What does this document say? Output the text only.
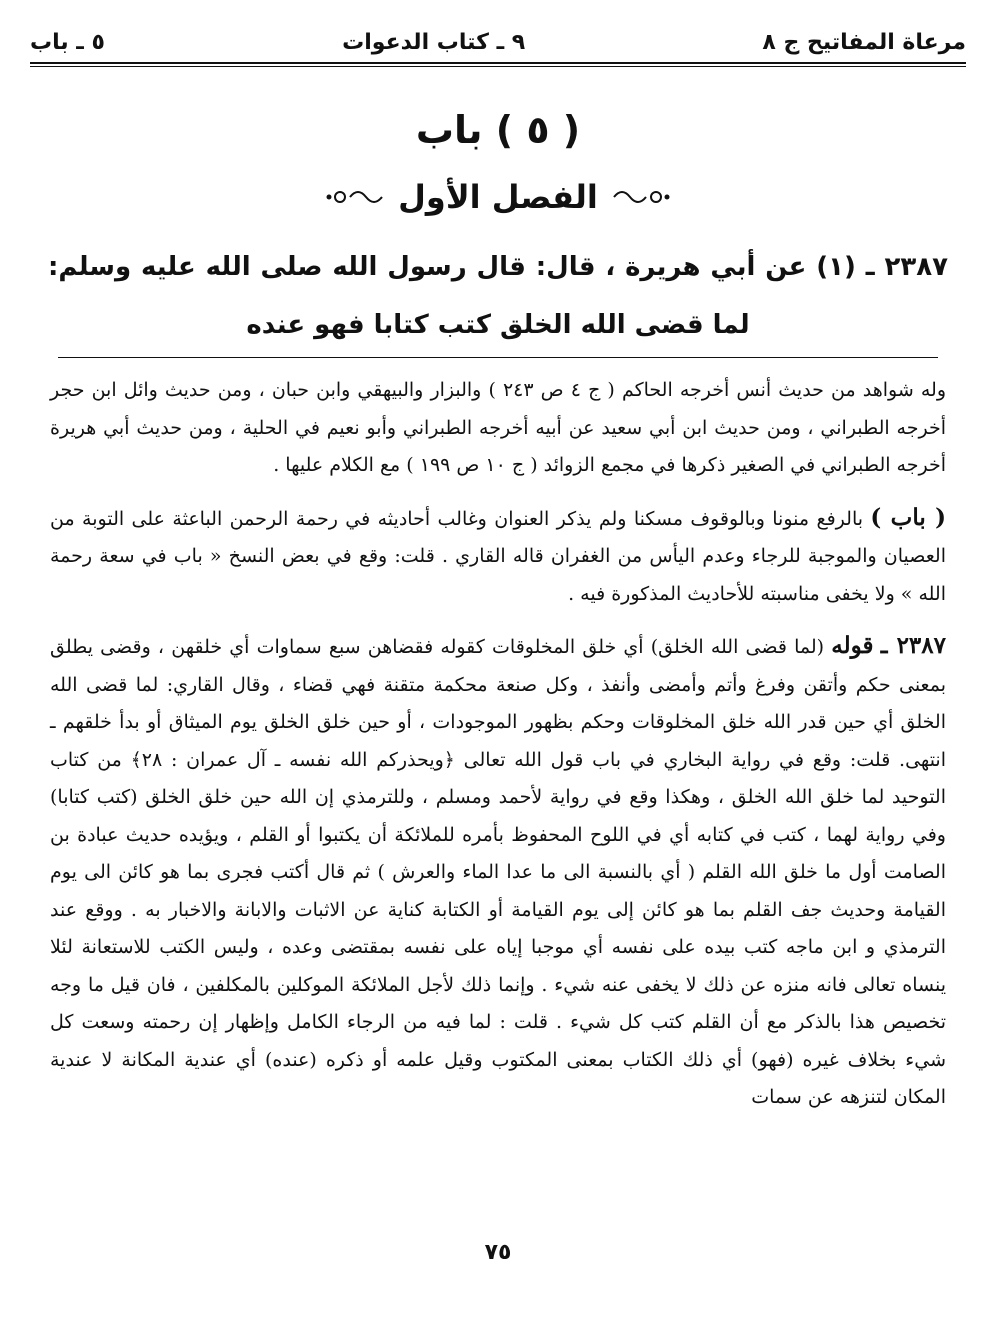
مرعاة المفاتيح ج ٨
٩ ـ كتاب الدعوات
٥ ـ باب
( ٥ ) باب
الفصل الأول
٢٣٨٧ ـ (١) عن أبي هريرة ، قال: قال رسول الله صلى الله عليه وسلم: لما قضى الله الخلق كتب كتابا فهو عنده

وله شواهد من حديث أنس أخرجه الحاكم ( ج ٤ ص ٢٤٣ ) والبزار والبيهقي وابن حبان ، ومن حديث وائل ابن حجر أخرجه الطبراني ، ومن حديث ابن أبي سعيد عن أبيه أخرجه الطبراني وأبو نعيم في الحلية ، ومن حديث أبي هريرة أخرجه الطبراني في الصغير ذكرها في مجمع الزوائد ( ج ١٠ ص ١٩٩ ) مع الكلام عليها .

( باب ) بالرفع منونا وبالوقوف مسكنا ولم يذكر العنوان وغالب أحاديثه في رحمة الرحمن الباعثة على التوبة من العصيان والموجبة للرجاء وعدم اليأس من الغفران قاله القاري . قلت: وقع في بعض النسخ « باب في سعة رحمة الله » ولا يخفى مناسبته للأحاديث المذكورة فيه .

٢٣٨٧ ـ قوله (لما قضى الله الخلق) أي خلق المخلوقات كقوله فقضاهن سبع سماوات أي خلقهن ، وقضى يطلق بمعنى حكم وأتقن وفرغ وأتم وأمضى وأنفذ ، وكل صنعة محكمة متقنة فهي قضاء ، وقال القاري: لما قضى الله الخلق أي حين قدر الله خلق المخلوقات وحكم بظهور الموجودات ، أو حين خلق الخلق يوم الميثاق أو بدأ خلقهم ـ انتهى. قلت: وقع في رواية البخاري في باب قول الله تعالى ﴿ويحذركم الله نفسه ـ آل عمران : ٢٨﴾ من كتاب التوحيد لما خلق الله الخلق ، وهكذا وقع في رواية لأحمد ومسلم ، وللترمذي إن الله حين خلق الخلق (كتب كتابا) وفي رواية لهما ، كتب في كتابه أي في اللوح المحفوظ بأمره للملائكة أن يكتبوا أو القلم ، ويؤيده حديث عبادة بن الصامت أول ما خلق الله القلم ( أي بالنسبة الى ما عدا الماء والعرش ) ثم قال أكتب فجرى بما هو كائن الى يوم القيامة وحديث جف القلم بما هو كائن إلى يوم القيامة أو الكتابة كناية عن الاثبات والابانة والاخبار به . ووقع عند الترمذي و ابن ماجه كتب بيده على نفسه أي موجبا إياه على نفسه بمقتضى وعده ، وليس الكتب للاستعانة لئلا ينساه تعالى فانه منزه عن ذلك لا يخفى عنه شيء . وإنما ذلك لأجل الملائكة الموكلين بالمكلفين ، فان قيل ما وجه تخصيص هذا بالذكر مع أن القلم كتب كل شيء . قلت : لما فيه من الرجاء الكامل وإظهار إن رحمته وسعت كل شيء بخلاف غيره (فهو) أي ذلك الكتاب بمعنى المكتوب وقيل علمه أو ذكره (عنده) أي عندية المكانة لا عندية المكان لتنزهه عن سمات

٧٥
